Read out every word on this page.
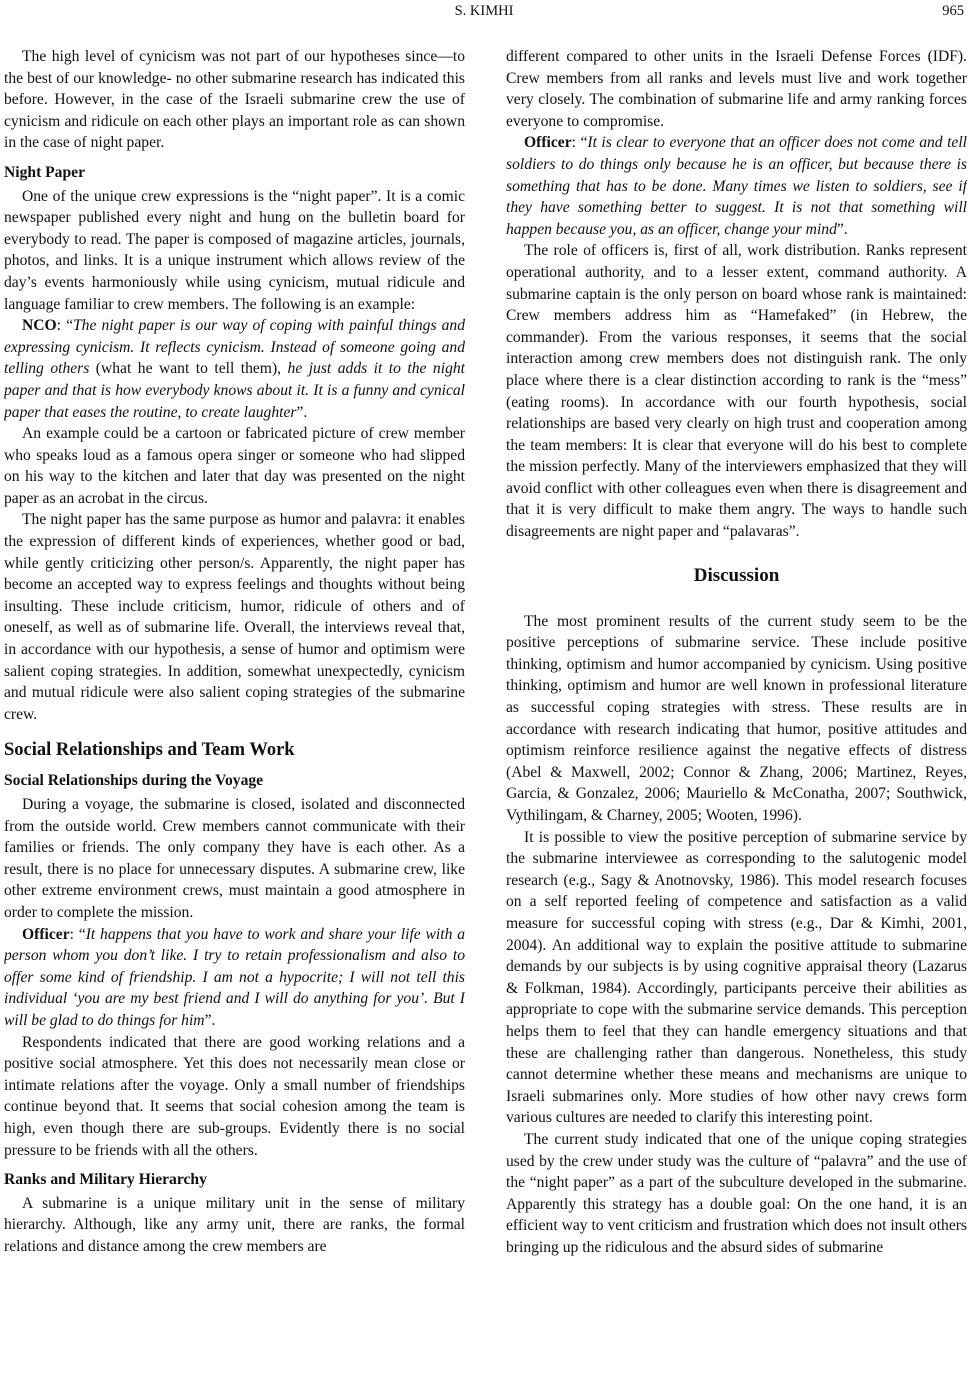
S. KIMHI	965

The high level of cynicism was not part of our hypotheses since—to the best of our knowledge- no other submarine research has indicated this before. However, in the case of the Israeli submarine crew the use of cynicism and ridicule on each other plays an important role as can shown in the case of night paper.

Night Paper

One of the unique crew expressions is the “night paper”. It is a comic newspaper published every night and hung on the bulletin board for everybody to read. The paper is composed of magazine articles, journals, photos, and links. It is a unique instrument which allows review of the day’s events harmoniously while using cynicism, mutual ridicule and language familiar to crew members. The following is an example:

NCO: “The night paper is our way of coping with painful things and expressing cynicism. It reflects cynicism. Instead of someone going and telling others (what he want to tell them), he just adds it to the night paper and that is how everybody knows about it. It is a funny and cynical paper that eases the routine, to create laughter”.

An example could be a cartoon or fabricated picture of crew member who speaks loud as a famous opera singer or someone who had slipped on his way to the kitchen and later that day was presented on the night paper as an acrobat in the circus.

The night paper has the same purpose as humor and palavra: it enables the expression of different kinds of experiences, whether good or bad, while gently criticizing other person/s. Apparently, the night paper has become an accepted way to express feelings and thoughts without being insulting. These include criticism, humor, ridicule of others and of oneself, as well as of submarine life. Overall, the interviews reveal that, in accordance with our hypothesis, a sense of humor and optimism were salient coping strategies. In addition, somewhat unexpectedly, cynicism and mutual ridicule were also salient coping strategies of the submarine crew.

Social Relationships and Team Work
Social Relationships during the Voyage

During a voyage, the submarine is closed, isolated and disconnected from the outside world. Crew members cannot communicate with their families or friends. The only company they have is each other. As a result, there is no place for unnecessary disputes. A submarine crew, like other extreme environment crews, must maintain a good atmosphere in order to complete the mission.

Officer: “It happens that you have to work and share your life with a person whom you don’t like. I try to retain professionalism and also to offer some kind of friendship. I am not a hypocrite; I will not tell this individual ‘you are my best friend and I will do anything for you’. But I will be glad to do things for him”.

Respondents indicated that there are good working relations and a positive social atmosphere. Yet this does not necessarily mean close or intimate relations after the voyage. Only a small number of friendships continue beyond that. It seems that social cohesion among the team is high, even though there are sub-groups. Evidently there is no social pressure to be friends with all the others.

Ranks and Military Hierarchy

A submarine is a unique military unit in the sense of military hierarchy. Although, like any army unit, there are ranks, the formal relations and distance among the crew members are

different compared to other units in the Israeli Defense Forces (IDF). Crew members from all ranks and levels must live and work together very closely. The combination of submarine life and army ranking forces everyone to compromise.

Officer: “It is clear to everyone that an officer does not come and tell soldiers to do things only because he is an officer, but because there is something that has to be done. Many times we listen to soldiers, see if they have something better to suggest. It is not that something will happen because you, as an officer, change your mind”.

The role of officers is, first of all, work distribution. Ranks represent operational authority, and to a lesser extent, command authority. A submarine captain is the only person on board whose rank is maintained: Crew members address him as “Hamefaked” (in Hebrew, the commander). From the various responses, it seems that the social interaction among crew members does not distinguish rank. The only place where there is a clear distinction according to rank is the “mess” (eating rooms). In accordance with our fourth hypothesis, social relationships are based very clearly on high trust and cooperation among the team members: It is clear that everyone will do his best to complete the mission perfectly. Many of the interviewers emphasized that they will avoid conflict with other colleagues even when there is disagreement and that it is very difficult to make them angry. The ways to handle such disagreements are night paper and “palavaras”.

Discussion

The most prominent results of the current study seem to be the positive perceptions of submarine service. These include positive thinking, optimism and humor accompanied by cynicism. Using positive thinking, optimism and humor are well known in professional literature as successful coping strategies with stress. These results are in accordance with research indicating that humor, positive attitudes and optimism reinforce resilience against the negative effects of distress (Abel & Maxwell, 2002; Connor & Zhang, 2006; Martinez, Reyes, Garcia, & Gonzalez, 2006; Mauriello & McConatha, 2007; Southwick, Vythilingam, & Charney, 2005; Wooten, 1996).

It is possible to view the positive perception of submarine service by the submarine interviewee as corresponding to the salutogenic model research (e.g., Sagy & Anotnovsky, 1986). This model research focuses on a self reported feeling of competence and satisfaction as a valid measure for successful coping with stress (e.g., Dar & Kimhi, 2001, 2004). An additional way to explain the positive attitude to submarine demands by our subjects is by using cognitive appraisal theory (Lazarus & Folkman, 1984). Accordingly, participants perceive their abilities as appropriate to cope with the submarine service demands. This perception helps them to feel that they can handle emergency situations and that these are challenging rather than dangerous. Nonetheless, this study cannot determine whether these means and mechanisms are unique to Israeli submarines only. More studies of how other navy crews form various cultures are needed to clarify this interesting point.

The current study indicated that one of the unique coping strategies used by the crew under study was the culture of “palavra” and the use of the “night paper” as a part of the subculture developed in the submarine. Apparently this strategy has a double goal: On the one hand, it is an efficient way to vent criticism and frustration which does not insult others bringing up the ridiculous and the absurd sides of submarine
